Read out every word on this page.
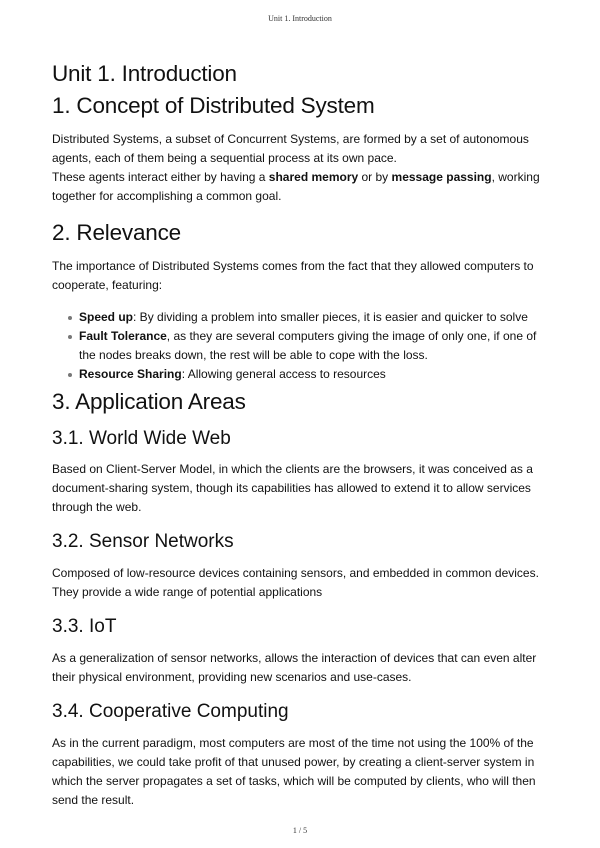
Unit 1. Introduction
Unit 1. Introduction
1. Concept of Distributed System

Distributed Systems, a subset of Concurrent Systems, are formed by a set of autonomous agents, each of them being a sequential process at its own pace.
These agents interact either by having a shared memory or by message passing, working together for accomplishing a common goal.

2. Relevance

The importance of Distributed Systems comes from the fact that they allowed computers to cooperate, featuring:

Speed up: By dividing a problem into smaller pieces, it is easier and quicker to solve
Fault Tolerance, as they are several computers giving the image of only one, if one of the nodes breaks down, the rest will be able to cope with the loss.
Resource Sharing: Allowing general access to resources
3. Application Areas
3.1. World Wide Web

Based on Client-Server Model, in which the clients are the browsers, it was conceived as a document-sharing system, though its capabilities has allowed to extend it to allow services through the web.

3.2. Sensor Networks

Composed of low-resource devices containing sensors, and embedded in common devices. They provide a wide range of potential applications

3.3. IoT

As a generalization of sensor networks, allows the interaction of devices that can even alter their physical environment, providing new scenarios and use-cases.

3.4. Cooperative Computing

As in the current paradigm, most computers are most of the time not using the 100% of the capabilities, we could take profit of that unused power, by creating a client-server system in which the server propagates a set of tasks, which will be computed by clients, who will then send the result.

1 / 5
